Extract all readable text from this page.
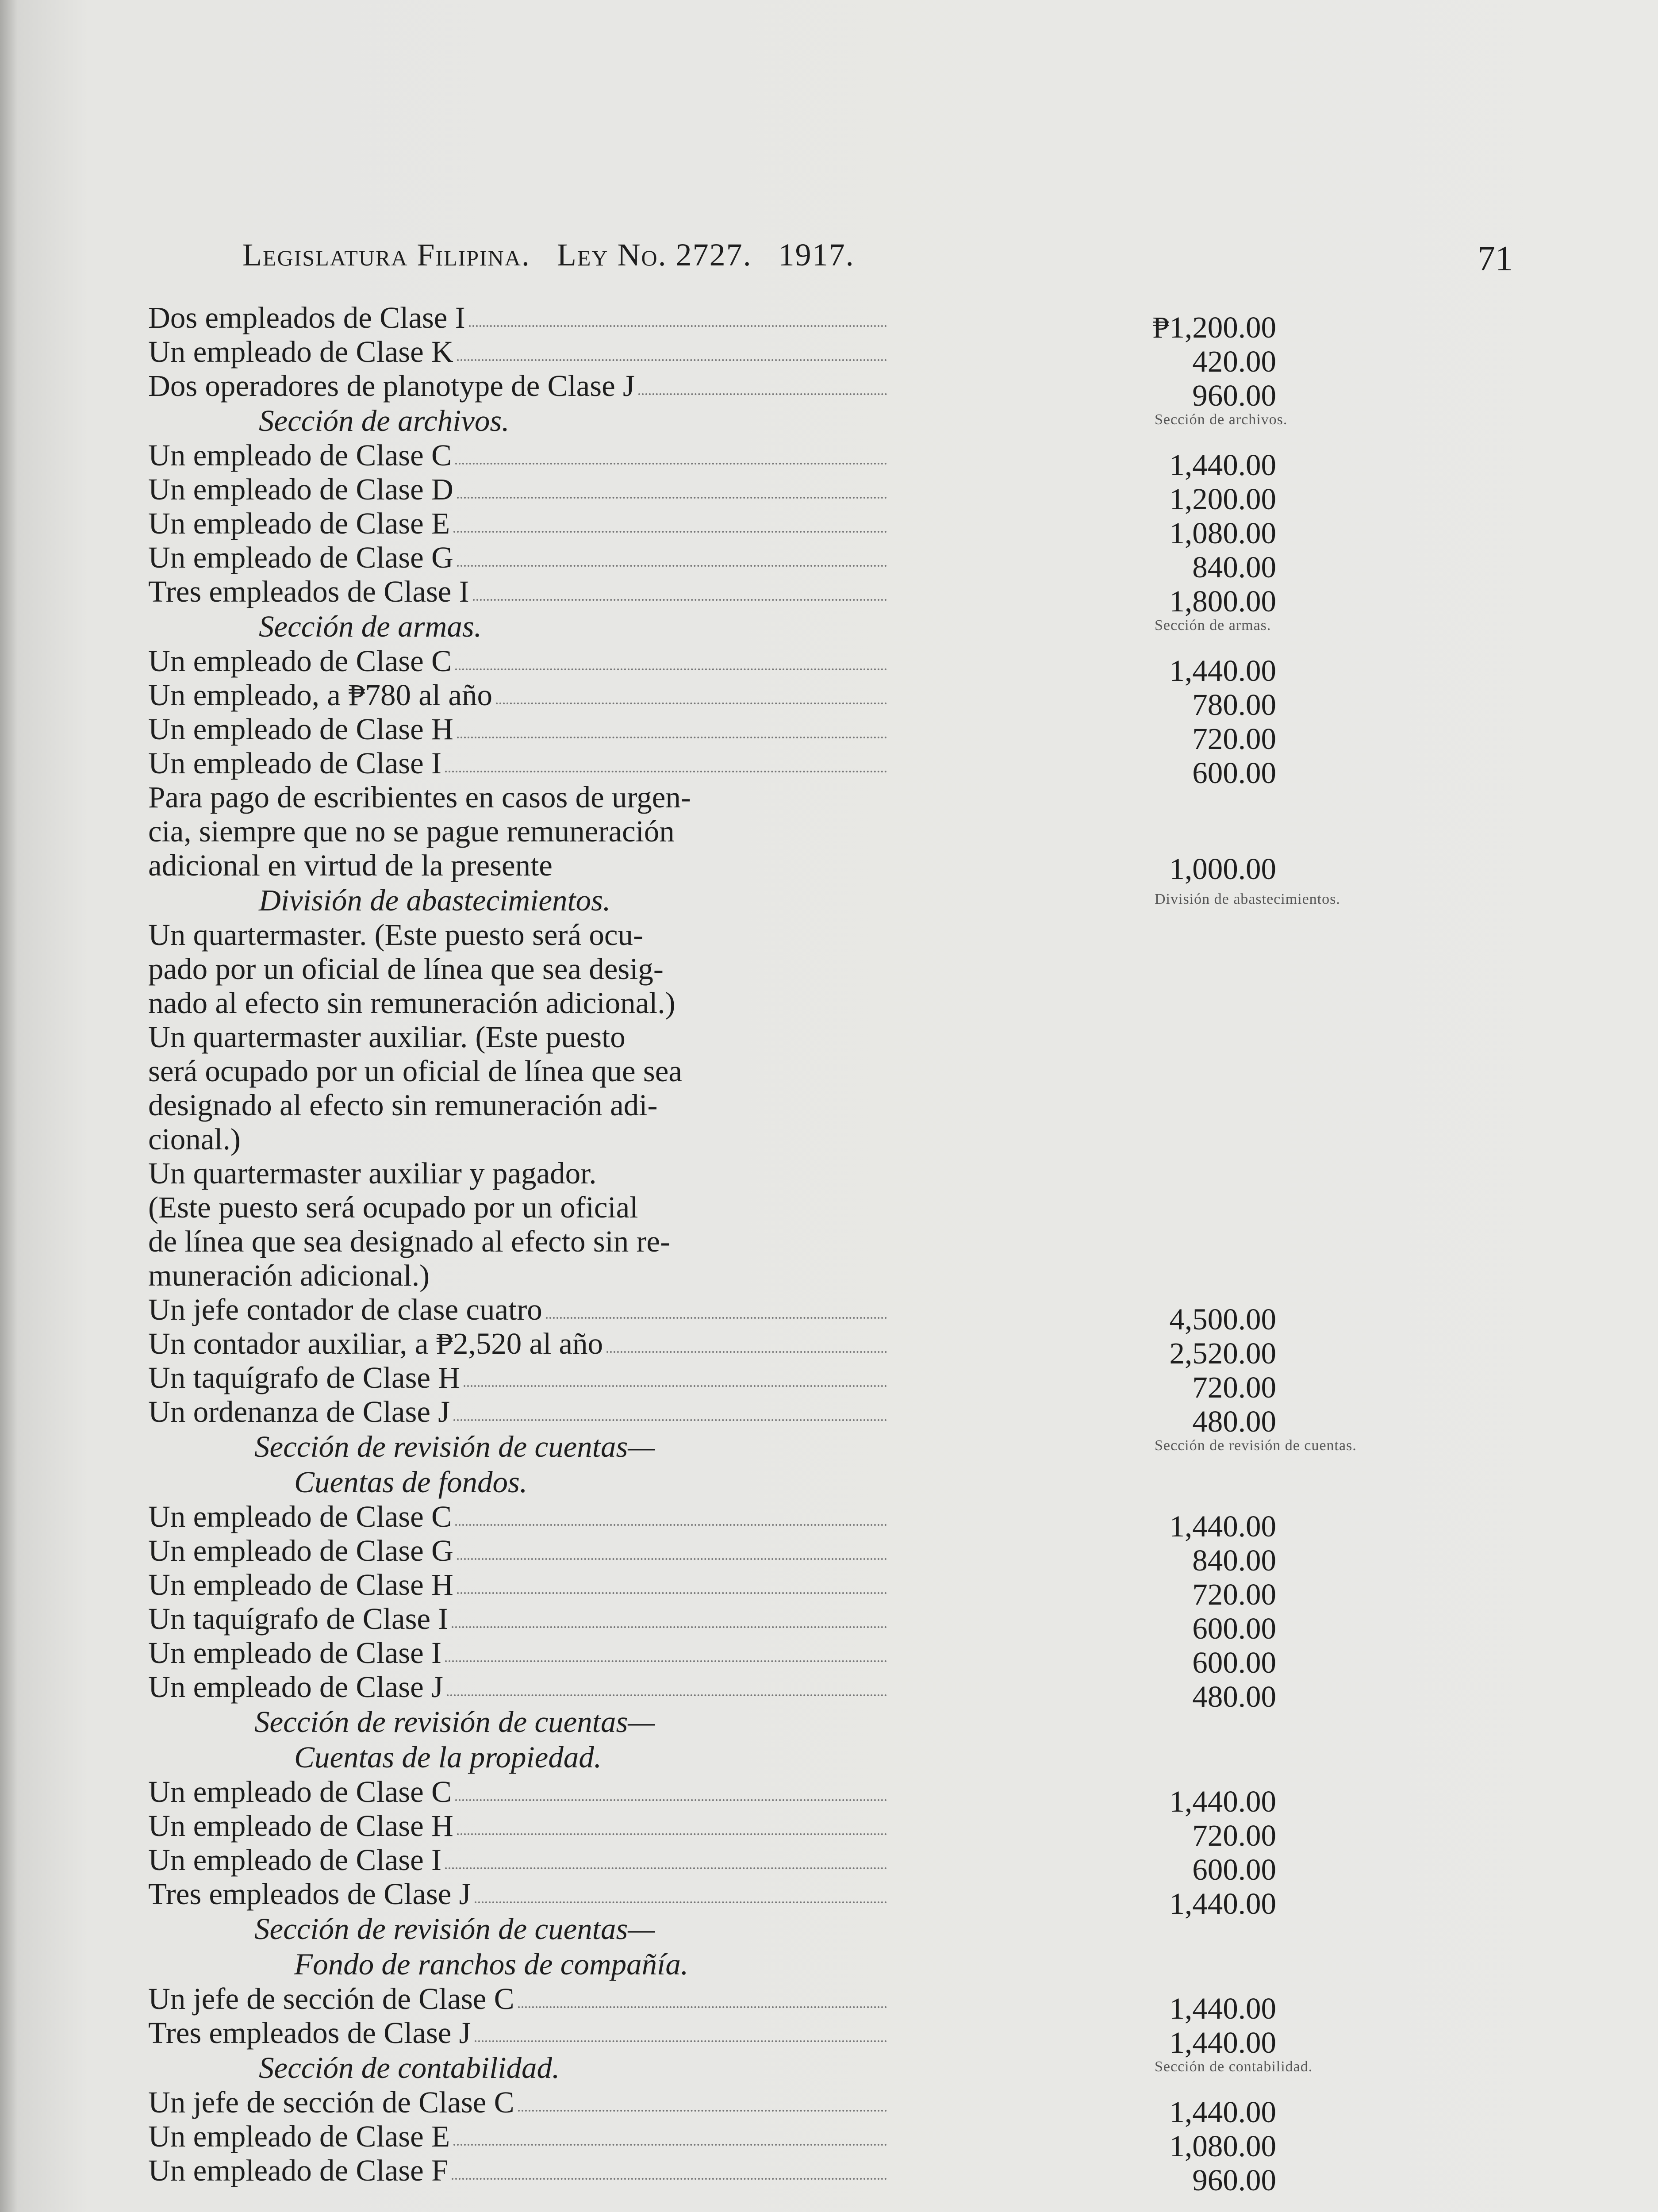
Legislatura Filipina. Ley No. 2727. 1917.	71
Dos empleados de Clase I	₱1,200.00
Un empleado de Clase K	420.00
Dos operadores de planotype de Clase J	960.00
Sección de archivos.	Sección de archivos.
Un empleado de Clase C	1,440.00
Un empleado de Clase D	1,200.00
Un empleado de Clase E	1,080.00
Un empleado de Clase G	840.00
Tres empleados de Clase I	1,800.00
Sección de armas.	Sección de armas.
Un empleado de Clase C	1,440.00
Un empleado, a ₱780 al año	780.00
Un empleado de Clase H	720.00
Un empleado de Clase I	600.00
Para pago de escribientes en casos de urgen-
cia, siempre que no se pague remuneración
adicional en virtud de la presente	1,000.00
División de abastecimientos.	División de abastecimientos.
Un quartermaster. (Este puesto será ocu-
pado por un oficial de línea que sea desig-
nado al efecto sin remuneración adicional.)
Un quartermaster auxiliar. (Este puesto
será ocupado por un oficial de línea que sea
designado al efecto sin remuneración adi-
cional.)
Un quartermaster auxiliar y pagador.
(Este puesto será ocupado por un oficial
de línea que sea designado al efecto sin re-
muneración adicional.)
Un jefe contador de clase cuatro	4,500.00
Un contador auxiliar, a ₱2,520 al año	2,520.00
Un taquígrafo de Clase H	720.00
Un ordenanza de Clase J	480.00
Sección de revisión de cuentas—
Cuentas de fondos.
Sección de revisión de cuentas.
Un empleado de Clase C	1,440.00
Un empleado de Clase G	840.00
Un empleado de Clase H	720.00
Un taquígrafo de Clase I	600.00
Un empleado de Clase I	600.00
Un empleado de Clase J	480.00
Sección de revisión de cuentas—
Cuentas de la propiedad.
Un empleado de Clase C	1,440.00
Un empleado de Clase H	720.00
Un empleado de Clase I	600.00
Tres empleados de Clase J	1,440.00
Sección de revisión de cuentas—
Fondo de ranchos de compañía.
Un jefe de sección de Clase C	1,440.00
Tres empleados de Clase J	1,440.00
Sección de contabilidad.	Sección de contabilidad.
Un jefe de sección de Clase C	1,440.00
Un empleado de Clase E	1,080.00
Un empleado de Clase F	960.00
